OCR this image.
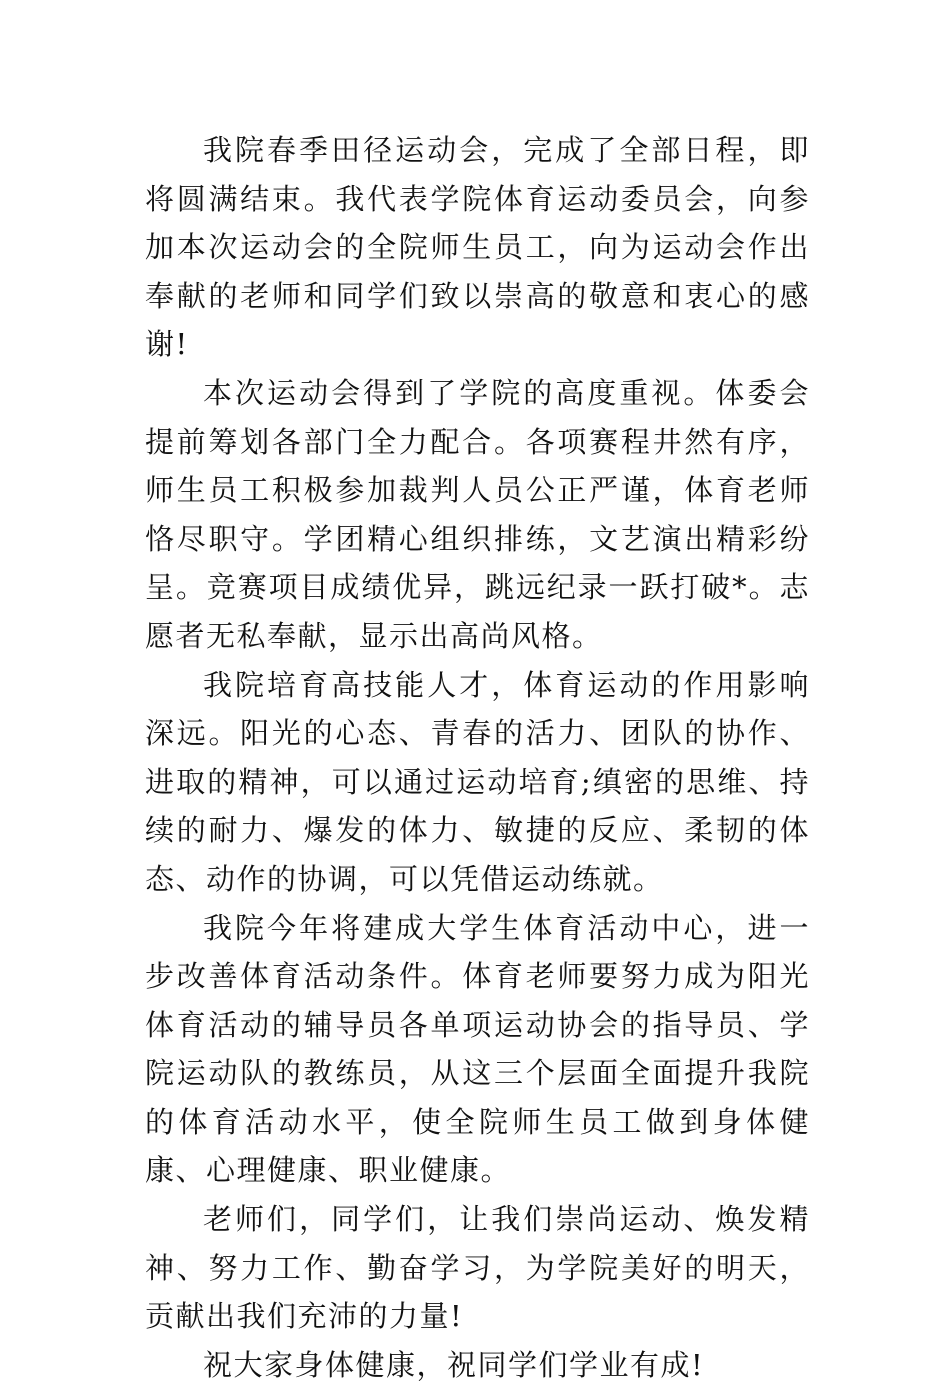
我院春季田径运动会，完成了全部日程，即将圆满结束。我代表学院体育运动委员会，向参加本次运动会的全院师生员工，向为运动会作出奉献的老师和同学们致以崇高的敬意和衷心的感谢!

本次运动会得到了学院的高度重视。体委会提前筹划各部门全力配合。各项赛程井然有序，师生员工积极参加裁判人员公正严谨，体育老师恪尽职守。学团精心组织排练，文艺演出精彩纷呈。竞赛项目成绩优异，跳远纪录一跃打破*。志愿者无私奉献，显示出高尚风格。

我院培育高技能人才，体育运动的作用影响深远。阳光的心态、青春的活力、团队的协作、进取的精神，可以通过运动培育;缜密的思维、持续的耐力、爆发的体力、敏捷的反应、柔韧的体态、动作的协调，可以凭借运动练就。

我院今年将建成大学生体育活动中心，进一步改善体育活动条件。体育老师要努力成为阳光体育活动的辅导员各单项运动协会的指导员、学院运动队的教练员，从这三个层面全面提升我院的体育活动水平，使全院师生员工做到身体健康、心理健康、职业健康。

老师们，同学们，让我们崇尚运动、焕发精神、努力工作、勤奋学习，为学院美好的明天，贡献出我们充沛的力量!

祝大家身体健康，祝同学们学业有成!
